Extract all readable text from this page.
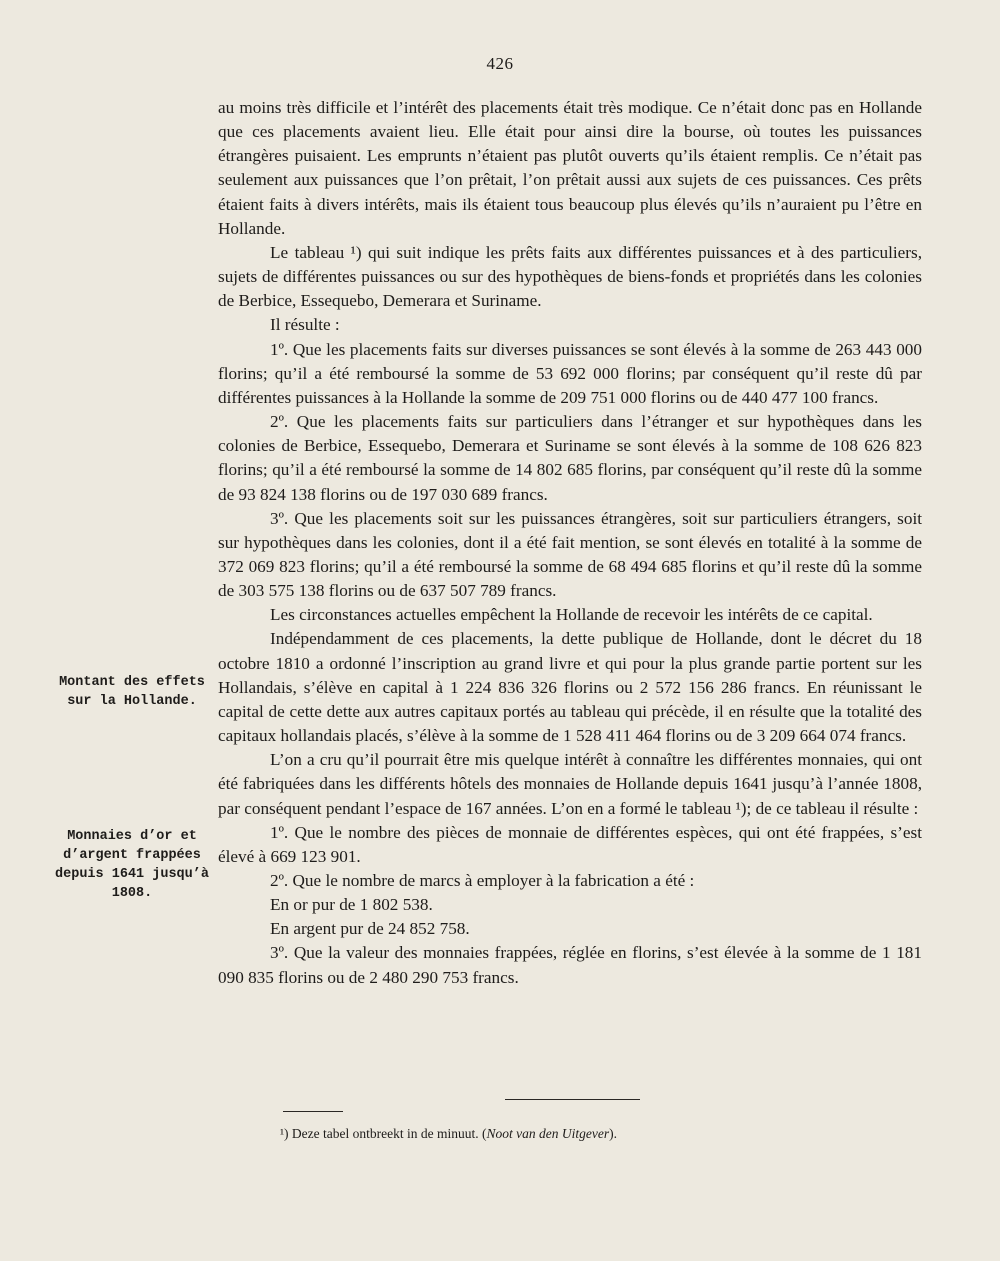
426

au moins très difficile et l’intérêt des placements était très modique. Ce n’était donc pas en Hollande que ces placements avaient lieu. Elle était pour ainsi dire la bourse, où toutes les puissances étrangères puisaient. Les emprunts n’étaient pas plutôt ouverts qu’ils étaient remplis. Ce n’était pas seulement aux puissances que l’on prêtait, l’on prêtait aussi aux sujets de ces puissances. Ces prêts étaient faits à divers intérêts, mais ils étaient tous beaucoup plus élevés qu’ils n’auraient pu l’être en Hollande.

Le tableau ¹) qui suit indique les prêts faits aux différentes puissances et à des particuliers, sujets de différentes puissances ou sur des hypothèques de biens-fonds et propriétés dans les colonies de Berbice, Essequebo, Demerara et Suriname.

Il résulte :

1º. Que les placements faits sur diverses puissances se sont élevés à la somme de 263 443 000 florins; qu’il a été remboursé la somme de 53 692 000 florins; par conséquent qu’il reste dû par différentes puissances à la Hollande la somme de 209 751 000 florins ou de 440 477 100 francs.

2º. Que les placements faits sur particuliers dans l’étranger et sur hypothèques dans les colonies de Berbice, Essequebo, Demerara et Suriname se sont élevés à la somme de 108 626 823 florins; qu’il a été remboursé la somme de 14 802 685 florins, par conséquent qu’il reste dû la somme de 93 824 138 florins ou de 197 030 689 francs.

3º. Que les placements soit sur les puissances étrangères, soit sur particuliers étrangers, soit sur hypothèques dans les colonies, dont il a été fait mention, se sont élevés en totalité à la somme de 372 069 823 florins; qu’il a été remboursé la somme de 68 494 685 florins et qu’il reste dû la somme de 303 575 138 florins ou de 637 507 789 francs.

Les circonstances actuelles empêchent la Hollande de recevoir les intérêts de ce capital.

Indépendamment de ces placements, la dette publique de Hollande, dont le décret du 18 octobre 1810 a ordonné l’inscription au grand livre et qui pour la plus grande partie portent sur les Hollandais, s’élève en capital à 1 224 836 326 florins ou 2 572 156 286 francs. En réunissant le capital de cette dette aux autres capitaux portés au tableau qui précède, il en résulte que la totalité des capitaux hollandais placés, s’élève à la somme de 1 528 411 464 florins ou de 3 209 664 074 francs.

L’on a cru qu’il pourrait être mis quelque intérêt à connaître les différentes monnaies, qui ont été fabriquées dans les différents hôtels des monnaies de Hollande depuis 1641 jusqu’à l’année 1808, par conséquent pendant l’espace de 167 années. L’on en a formé le tableau ¹); de ce tableau il résulte :

1º. Que le nombre des pièces de monnaie de différentes espèces, qui ont été frappées, s’est élevé à 669 123 901.

2º. Que le nombre de marcs à employer à la fabrication a été :

En or pur de 1 802 538.

En argent pur de 24 852 758.

3º. Que la valeur des monnaies frappées, réglée en florins, s’est élevée à la somme de 1 181 090 835 florins ou de 2 480 290 753 francs.

Montant des effets sur la Hollande.
Monnaies d’or et d’argent frappées depuis 1641 jusqu’à 1808.
¹) Deze tabel ontbreekt in de minuut. (Noot van den Uitgever).
